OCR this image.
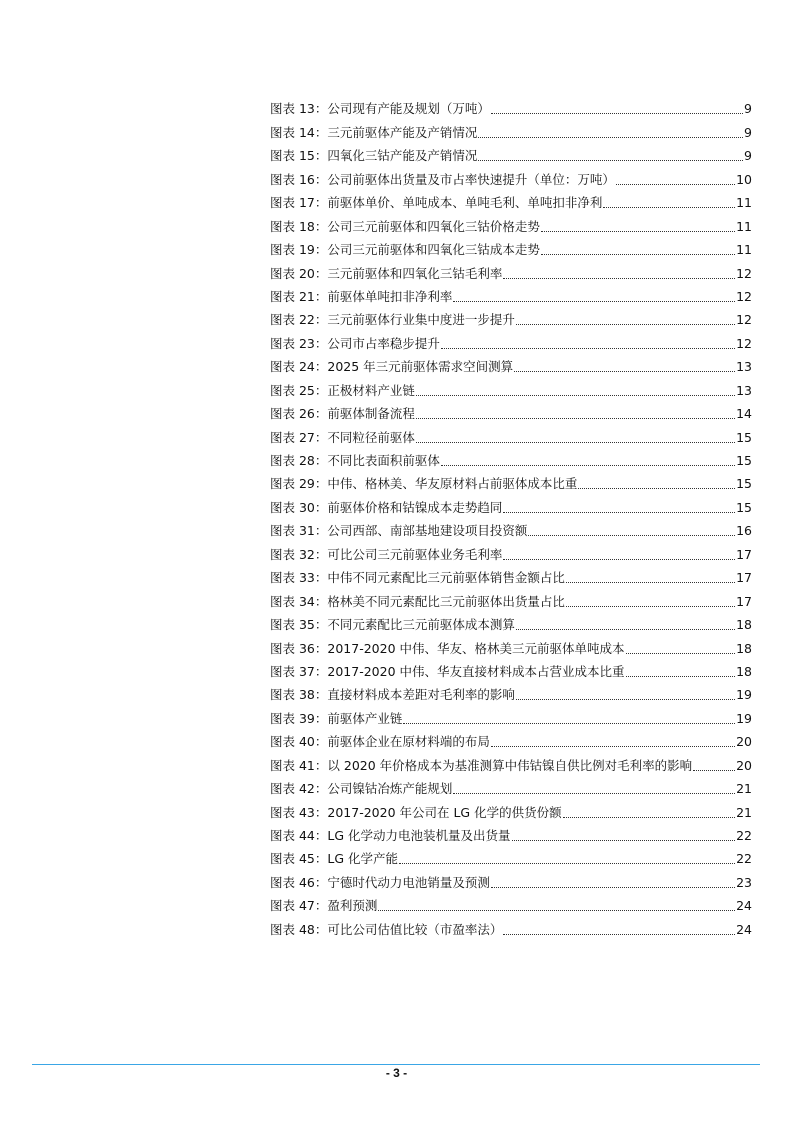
图表 13： 公司现有产能及规划（万吨）	9
图表 14： 三元前驱体产能及产销情况	9
图表 15： 四氧化三钴产能及产销情况	9
图表 16： 公司前驱体出货量及市占率快速提升（单位：万吨）	10
图表 17： 前驱体单价、单吨成本、单吨毛利、单吨扣非净利	11
图表 18： 公司三元前驱体和四氧化三钴价格走势	11
图表 19： 公司三元前驱体和四氧化三钴成本走势	11
图表 20： 三元前驱体和四氧化三钴毛利率	12
图表 21： 前驱体单吨扣非净利率	12
图表 22： 三元前驱体行业集中度进一步提升	12
图表 23： 公司市占率稳步提升	12
图表 24： 2025 年三元前驱体需求空间测算	13
图表 25： 正极材料产业链	13
图表 26： 前驱体制备流程	14
图表 27： 不同粒径前驱体	15
图表 28： 不同比表面积前驱体	15
图表 29： 中伟、格林美、华友原材料占前驱体成本比重	15
图表 30： 前驱体价格和钴镍成本走势趋同	15
图表 31： 公司西部、南部基地建设项目投资额	16
图表 32： 可比公司三元前驱体业务毛利率	17
图表 33： 中伟不同元素配比三元前驱体销售金额占比	17
图表 34： 格林美不同元素配比三元前驱体出货量占比	17
图表 35： 不同元素配比三元前驱体成本测算	18
图表 36： 2017-2020 中伟、华友、格林美三元前驱体单吨成本	18
图表 37： 2017-2020 中伟、华友直接材料成本占营业成本比重	18
图表 38： 直接材料成本差距对毛利率的影响	19
图表 39： 前驱体产业链	19
图表 40： 前驱体企业在原材料端的布局	20
图表 41： 以 2020 年价格成本为基准测算中伟钴镍自供比例对毛利率的影响	20
图表 42： 公司镍钴冶炼产能规划	21
图表 43： 2017-2020 年公司在 LG 化学的供货份额	21
图表 44： LG 化学动力电池装机量及出货量	22
图表 45： LG 化学产能	22
图表 46： 宁德时代动力电池销量及预测	23
图表 47： 盈利预测	24
图表 48： 可比公司估值比较（市盈率法）	24
- 3 -
